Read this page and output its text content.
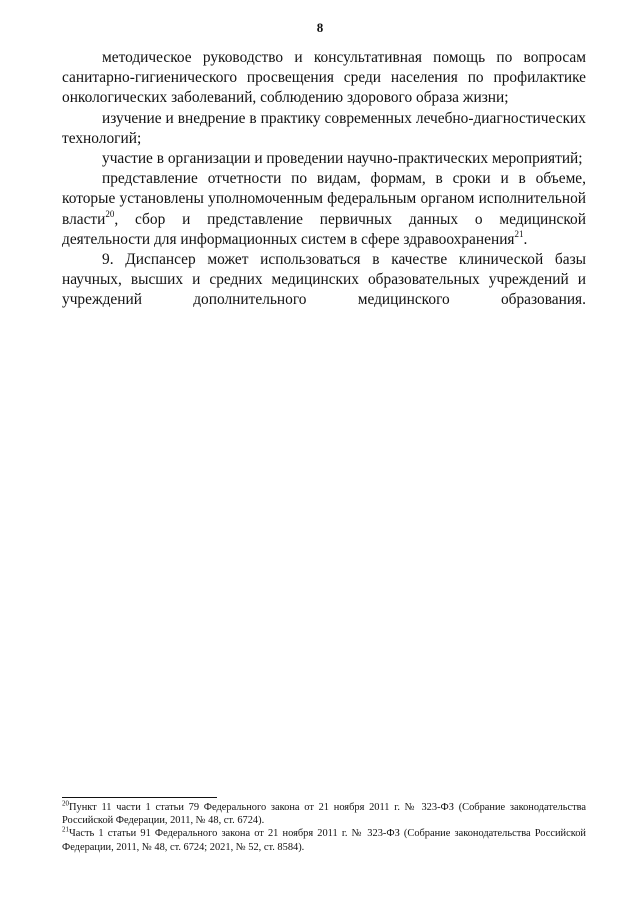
8

методическое руководство и консультативная помощь по вопросам санитарно-гигиенического просвещения среди населения по профилактике онкологических заболеваний, соблюдению здорового образа жизни;

изучение и внедрение в практику современных лечебно-диагностических технологий;

участие в организации и проведении научно-практических мероприятий;

представление отчетности по видам, формам, в сроки и в объеме, которые установлены уполномоченным федеральным органом исполнительной власти$^{20}$, сбор и представление первичных данных о медицинской деятельности для информационных систем в сфере здравоохранения$^{21}$.

9. Диспансер может использоваться в качестве клинической базы научных, высших и средних медицинских образовательных учреждений и учреждений дополнительного медицинского образования.

$^{20}$Пункт 11 части 1 статьи 79 Федерального закона от 21 ноября 2011 г. № 323-ФЗ (Собрание законодательства Российской Федерации, 2011, № 48, ст. 6724).

$^{21}$Часть 1 статьи 91 Федерального закона от 21 ноября 2011 г. № 323-ФЗ (Собрание законодательства Российской Федерации, 2011, № 48, ст. 6724; 2021, № 52, ст. 8584).
